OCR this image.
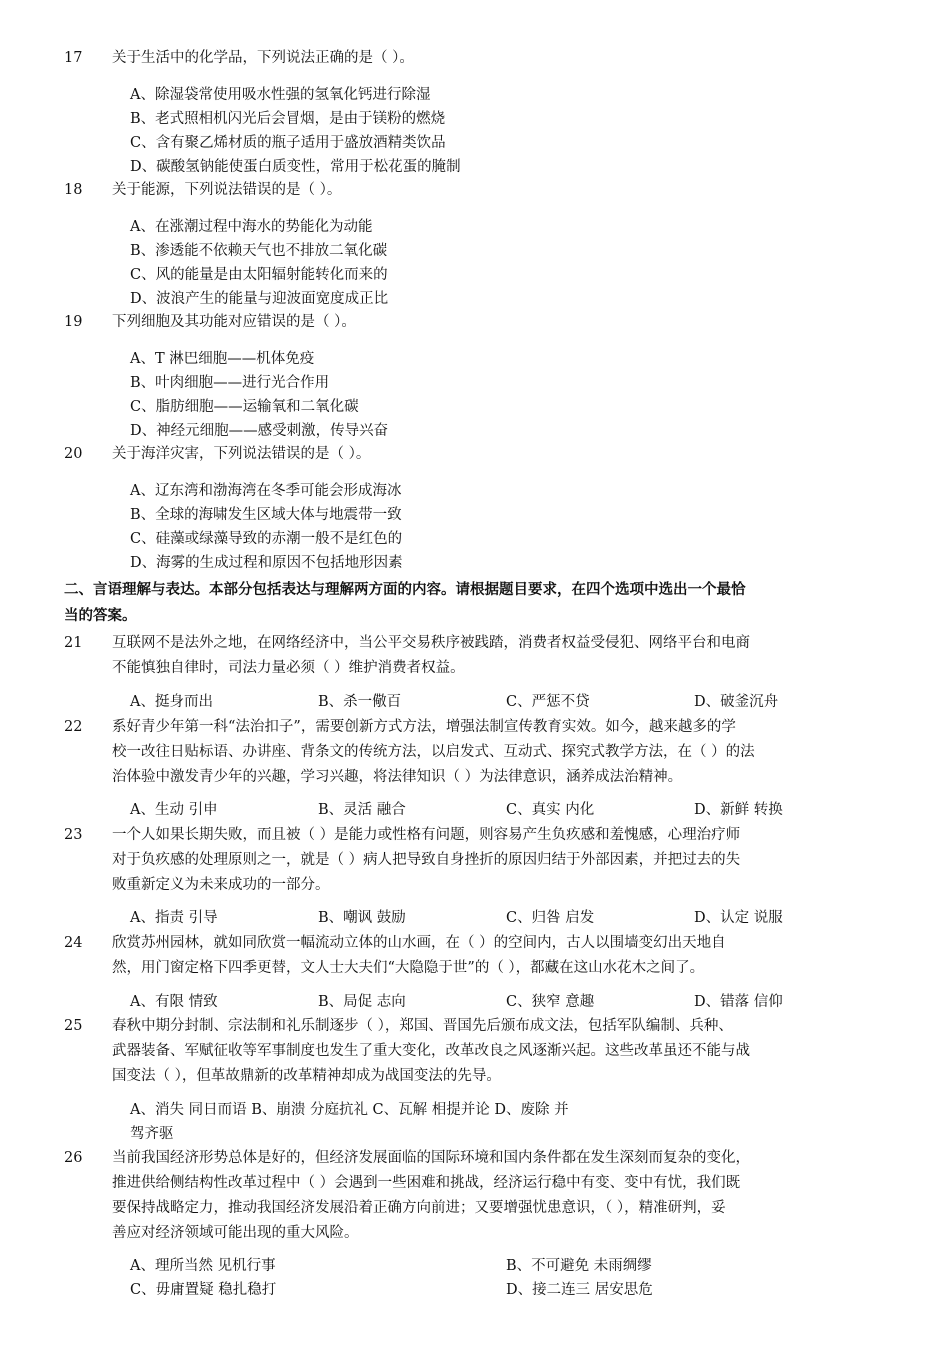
17	关于生活中的化学品，下列说法正确的是（ ）。
A、除湿袋常使用吸水性强的氢氧化钙进行除湿
B、老式照相机闪光后会冒烟，是由于镁粉的燃烧
C、含有聚乙烯材质的瓶子适用于盛放酒精类饮品
D、碳酸氢钠能使蛋白质变性，常用于松花蛋的腌制
18	关于能源，下列说法错误的是（ ）。
A、在涨潮过程中海水的势能化为动能
B、渗透能不依赖天气也不排放二氧化碳
C、风的能量是由太阳辐射能转化而来的
D、波浪产生的能量与迎波面宽度成正比
19	下列细胞及其功能对应错误的是（ ）。
A、T 淋巴细胞——机体免疫
B、叶肉细胞——进行光合作用
C、脂肪细胞——运输氧和二氧化碳
D、神经元细胞——感受刺激，传导兴奋
20	关于海洋灾害，下列说法错误的是（ ）。
A、辽东湾和渤海湾在冬季可能会形成海冰
B、全球的海啸发生区域大体与地震带一致
C、硅藻或绿藻导致的赤潮一般不是红色的
D、海雾的生成过程和原因不包括地形因素
二、言语理解与表达。本部分包括表达与理解两方面的内容。请根据题目要求，在四个选项中选出一个最恰
当的答案。
21	互联网不是法外之地，在网络经济中，当公平交易秩序被践踏，消费者权益受侵犯、网络平台和电商
不能慎独自律时，司法力量必须（ ）维护消费者权益。
A、挺身而出	B、杀一儆百	C、严惩不贷	D、破釜沉舟
22	系好青少年第一科“法治扣子”，需要创新方式方法，增强法制宣传教育实效。如今，越来越多的学
校一改往日贴标语、办讲座、背条文的传统方法，以启发式、互动式、探究式教学方法，在（ ）的法
治体验中激发青少年的兴趣，学习兴趣，将法律知识（ ）为法律意识，涵养成法治精神。
A、生动 引申	B、灵活 融合	C、真实 内化	D、新鲜 转换
23	一个人如果长期失败，而且被（ ）是能力或性格有问题，则容易产生负疚感和羞愧感，心理治疗师
对于负疚感的处理原则之一，就是（ ）病人把导致自身挫折的原因归结于外部因素，并把过去的失
败重新定义为未来成功的一部分。
A、指责 引导	B、嘲讽 鼓励	C、归咎 启发	D、认定 说服
24	欣赏苏州园林，就如同欣赏一幅流动立体的山水画，在（ ）的空间内，古人以围墙变幻出天地自
然，用门窗定格下四季更替，文人士大夫们“大隐隐于世”的（ ），都藏在这山水花木之间了。
A、有限 情致	B、局促 志向	C、狭窄 意趣	D、错落 信仰
25	春秋中期分封制、宗法制和礼乐制逐步（ ），郑国、晋国先后颁布成文法，包括军队编制、兵种、
武器装备、军赋征收等军事制度也发生了重大变化，改革改良之风逐渐兴起。这些改革虽还不能与战
国变法（ ），但革故鼎新的改革精神却成为战国变法的先导。
A、消失 同日而语 B、崩溃 分庭抗礼 C、瓦解 相提并论 D、废除 并
驾齐驱
26	当前我国经济形势总体是好的，但经济发展面临的国际环境和国内条件都在发生深刻而复杂的变化，
推进供给侧结构性改革过程中（ ）会遇到一些困难和挑战，经济运行稳中有变、变中有忧，我们既
要保持战略定力，推动我国经济发展沿着正确方向前进；又要增强忧患意识，（ ），精准研判，妥
善应对经济领域可能出现的重大风险。
A、理所当然 见机行事	B、不可避免 未雨绸缪
C、毋庸置疑 稳扎稳打	D、接二连三 居安思危
